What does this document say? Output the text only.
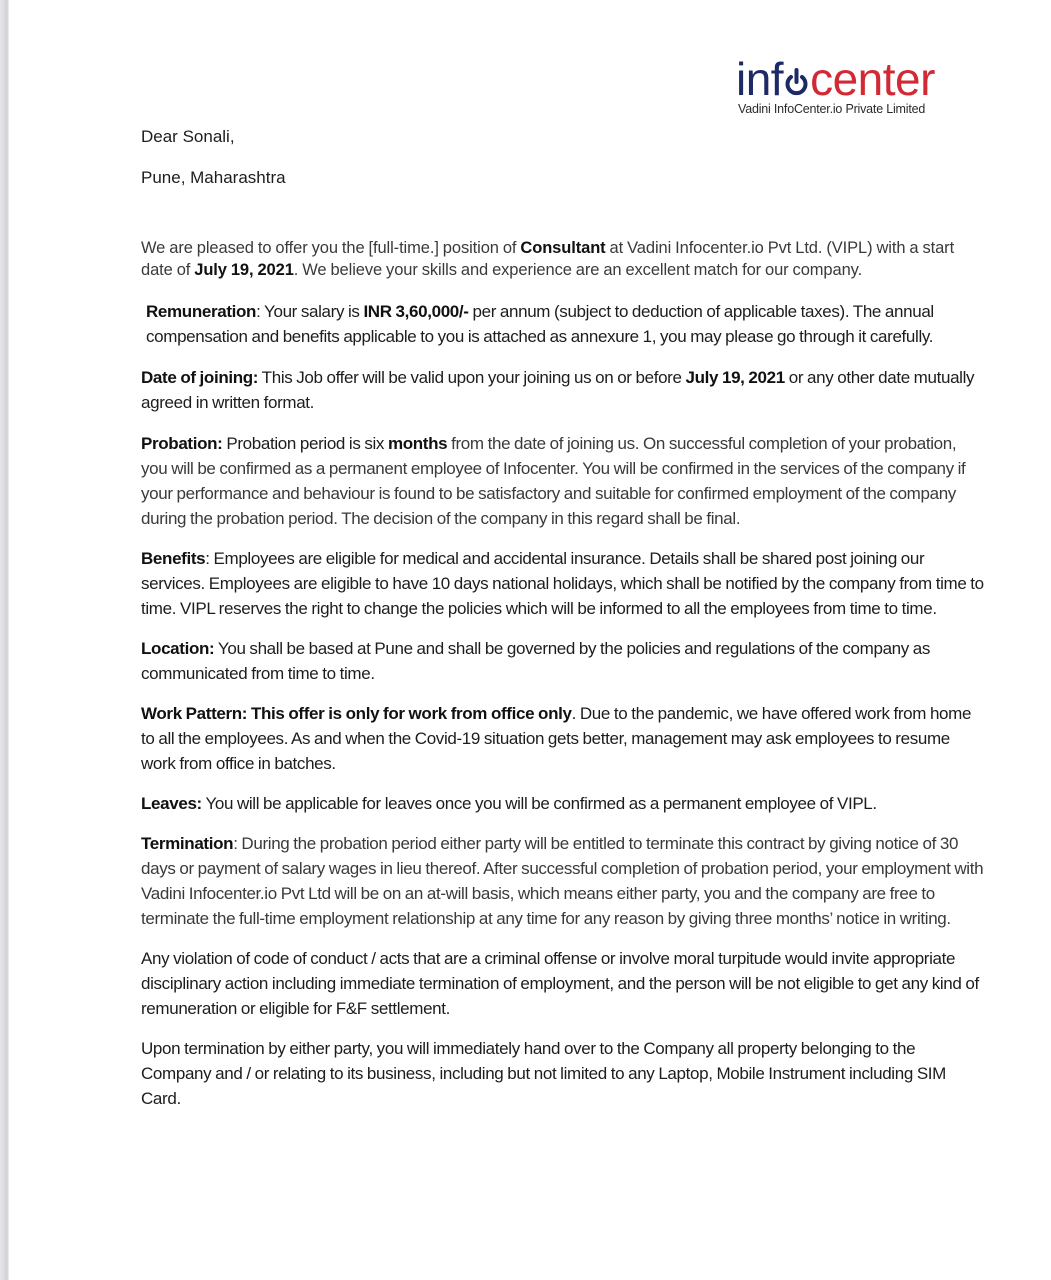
inf center
Vadini InfoCenter.io Private Limited

Dear Sonali,

Pune, Maharashtra

We are pleased to offer you the [full-time.] position of Consultant at Vadini Infocenter.io Pvt Ltd. (VIPL) with a start date of July 19, 2021. We believe your skills and experience are an excellent match for our company.

Remuneration: Your salary is INR 3,60,000/- per annum (subject to deduction of applicable taxes). The annual compensation and benefits applicable to you is attached as annexure 1, you may please go through it carefully.

Date of joining: This Job offer will be valid upon your joining us on or before July 19, 2021 or any other date mutually agreed in written format.

Probation: Probation period is six months from the date of joining us. On successful completion of your probation, you will be confirmed as a permanent employee of Infocenter. You will be confirmed in the services of the company if your performance and behaviour is found to be satisfactory and suitable for confirmed employment of the company during the probation period. The decision of the company in this regard shall be final.

Benefits: Employees are eligible for medical and accidental insurance. Details shall be shared post joining our services. Employees are eligible to have 10 days national holidays, which shall be notified by the company from time to time. VIPL reserves the right to change the policies which will be informed to all the employees from time to time.

Location: You shall be based at Pune and shall be governed by the policies and regulations of the company as communicated from time to time.

Work Pattern: This offer is only for work from office only. Due to the pandemic, we have offered work from home to all the employees. As and when the Covid-19 situation gets better, management may ask employees to resume work from office in batches.

Leaves: You will be applicable for leaves once you will be confirmed as a permanent employee of VIPL.

Termination: During the probation period either party will be entitled to terminate this contract by giving notice of 30 days or payment of salary wages in lieu thereof. After successful completion of probation period, your employment with Vadini Infocenter.io Pvt Ltd will be on an at-will basis, which means either party, you and the company are free to terminate the full-time employment relationship at any time for any reason by giving three months’ notice in writing.

Any violation of code of conduct / acts that are a criminal offense or involve moral turpitude would invite appropriate disciplinary action including immediate termination of employment, and the person will be not eligible to get any kind of remuneration or eligible for F&F settlement.

Upon termination by either party, you will immediately hand over to the Company all property belonging to the Company and / or relating to its business, including but not limited to any Laptop, Mobile Instrument including SIM Card.
